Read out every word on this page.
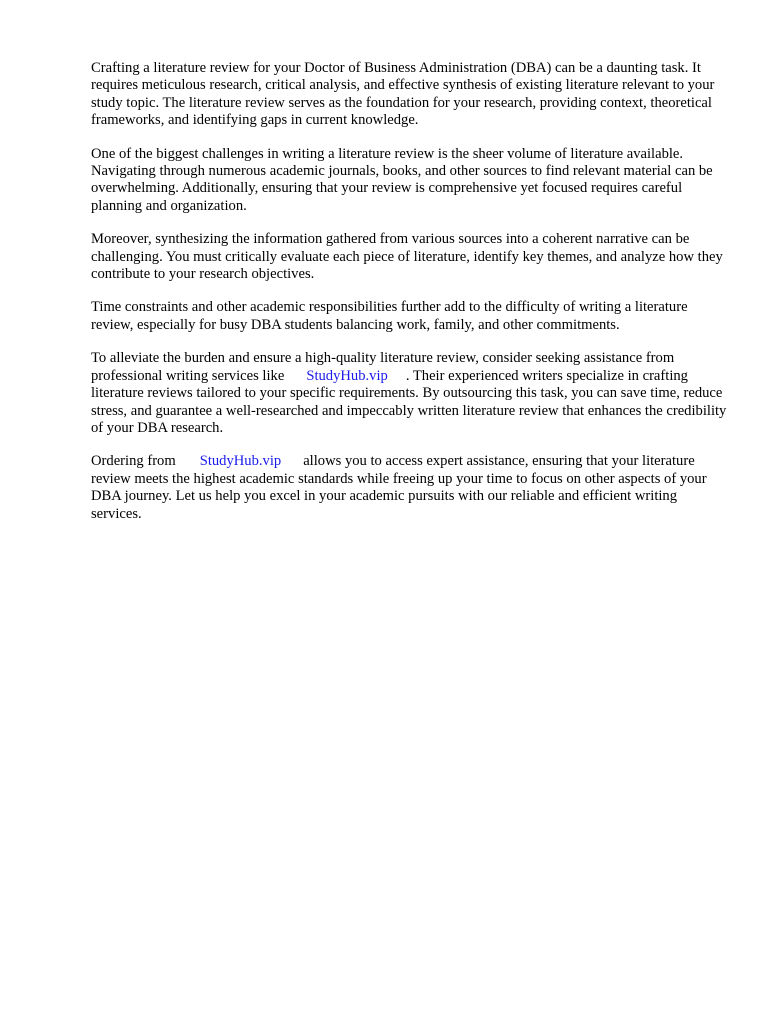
Crafting a literature review for your Doctor of Business Administration (DBA) can be a daunting task. It requires meticulous research, critical analysis, and effective synthesis of existing literature relevant to your study topic. The literature review serves as the foundation for your research, providing context, theoretical frameworks, and identifying gaps in current knowledge.

One of the biggest challenges in writing a literature review is the sheer volume of literature available. Navigating through numerous academic journals, books, and other sources to find relevant material can be overwhelming. Additionally, ensuring that your review is comprehensive yet focused requires careful planning and organization.

Moreover, synthesizing the information gathered from various sources into a coherent narrative can be challenging. You must critically evaluate each piece of literature, identify key themes, and analyze how they contribute to your research objectives.

Time constraints and other academic responsibilities further add to the difficulty of writing a literature review, especially for busy DBA students balancing work, family, and other commitments.

To alleviate the burden and ensure a high-quality literature review, consider seeking assistance from professional writing services like StudyHub.vip . Their experienced writers specialize in crafting literature reviews tailored to your specific requirements. By outsourcing this task, you can save time, reduce stress, and guarantee a well-researched and impeccably written literature review that enhances the credibility of your DBA research.

Ordering from StudyHub.vip allows you to access expert assistance, ensuring that your literature review meets the highest academic standards while freeing up your time to focus on other aspects of your DBA journey. Let us help you excel in your academic pursuits with our reliable and efficient writing services.
